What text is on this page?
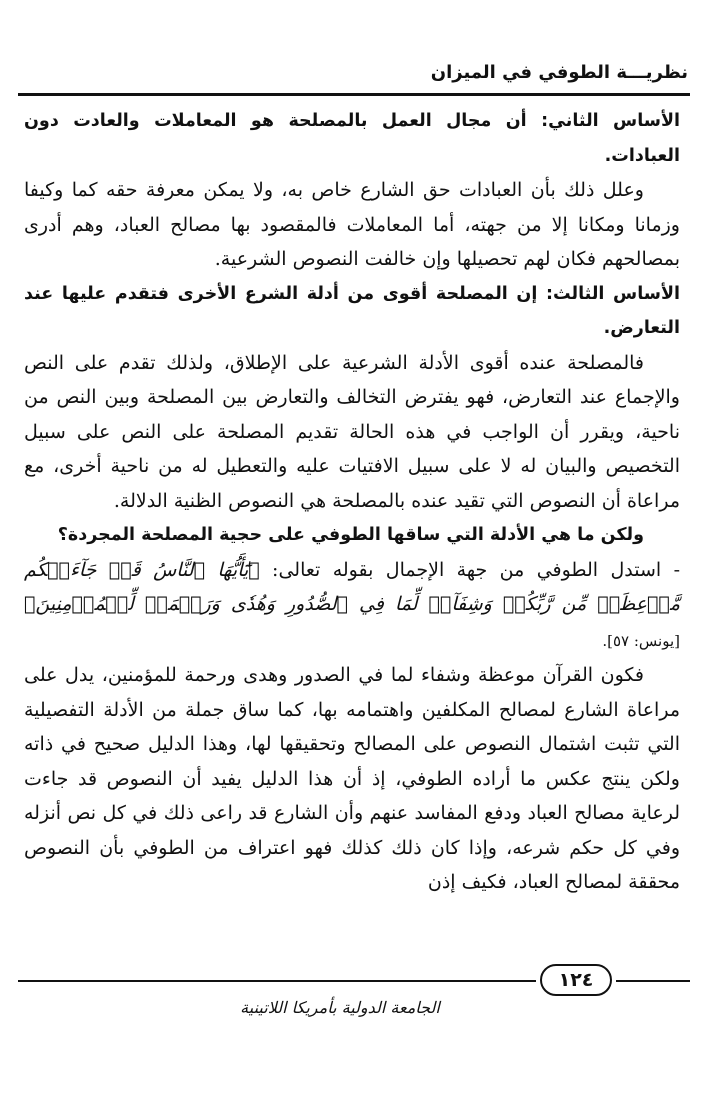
نظريـــة الطوفي في الميزان

الأساس الثاني: أن مجال العمل بالمصلحة هو المعاملات والعادت دون العبادات.

وعلل ذلك بأن العبادات حق الشارع خاص به، ولا يمكن معرفة حقه كما وكيفا وزمانا ومكانا إلا من جهته، أما المعاملات فالمقصود بها مصالح العباد، وهم أدرى بمصالحهم فكان لهم تحصيلها وإن خالفت النصوص الشرعية.

الأساس الثالث: إن المصلحة أقوى من أدلة الشرع الأخرى فتقدم عليها عند التعارض.

فالمصلحة عنده أقوى الأدلة الشرعية على الإطلاق، ولذلك تقدم على النص والإجماع عند التعارض، فهو يفترض التخالف والتعارض بين المصلحة وبين النص من ناحية، ويقرر أن الواجب في هذه الحالة تقديم المصلحة على النص على سبيل التخصيص والبيان له لا على سبيل الافتيات عليه والتعطيل له من ناحية أخرى، مع مراعاة أن النصوص التي تقيد عنده بالمصلحة هي النصوص الظنية الدلالة.

ولكن ما هي الأدلة التي ساقها الطوفي على حجية المصلحة المجردة؟

- استدل الطوفي من جهة الإجمال بقوله تعالى: ﴿يَٰٓأَيُّهَا ٱلنَّاسُ قَدۡ جَآءَتۡكُم مَّوۡعِظَةٞ مِّن رَّبِّكُمۡ وَشِفَآءٞ لِّمَا فِي ٱلصُّدُورِ وَهُدٗى وَرَحۡمَةٞ لِّلۡمُؤۡمِنِينَ﴾ [يونس: ٥٧].

فكون القرآن موعظة وشفاء لما في الصدور وهدى ورحمة للمؤمنين، يدل على مراعاة الشارع لمصالح المكلفين واهتمامه بها، كما ساق جملة من الأدلة التفصيلية التي تثبت اشتمال النصوص على المصالح وتحقيقها لها، وهذا الدليل صحيح في ذاته ولكن ينتج عكس ما أراده الطوفي، إذ أن هذا الدليل يفيد أن النصوص قد جاءت لرعاية مصالح العباد ودفع المفاسد عنهم وأن الشارع قد راعى ذلك في كل نص أنزله وفي كل حكم شرعه، وإذا كان ذلك كذلك فهو اعتراف من الطوفي بأن النصوص محققة لمصالح العباد، فكيف إذن

١٢٤
الجامعة الدولية بأمريكا اللاتينية
